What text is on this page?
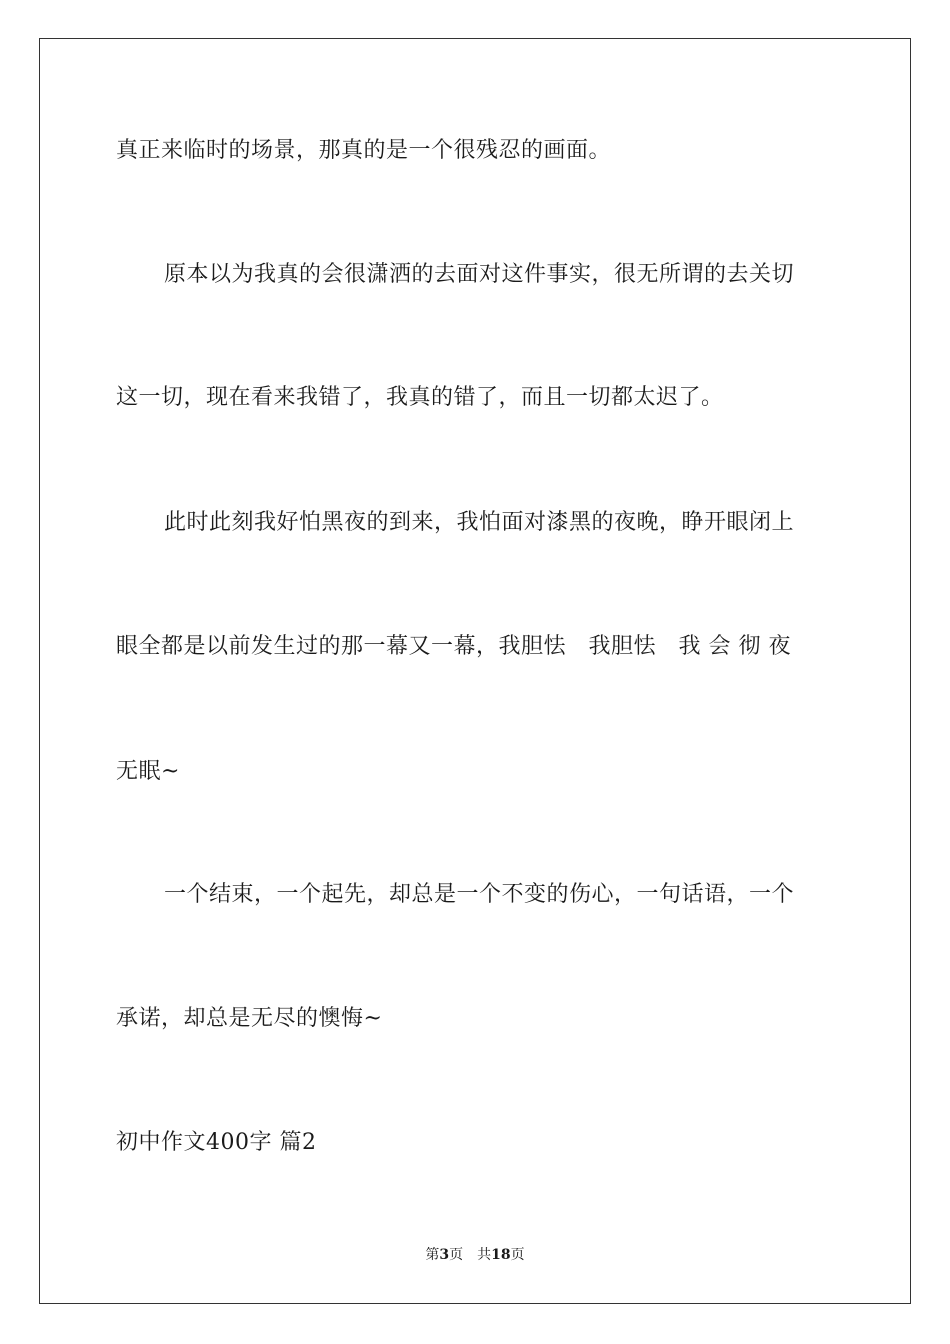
真正来临时的场景，那真的是一个很残忍的画面。
原本以为我真的会很潇洒的去面对这件事实，很无所谓的去关切
这一切，现在看来我错了，我真的错了，而且一切都太迟了。
此时此刻我好怕黑夜的到来，我怕面对漆黑的夜晚，睁开眼闭上
眼全都是以前发生过的那一幕又一幕，我胆怯　我胆怯　我 会 彻 夜
无眠~
一个结束，一个起先，却总是一个不变的伤心，一句话语，一个
承诺，却总是无尽的懊悔~
初中作文400字 篇2
第3页　共18页
